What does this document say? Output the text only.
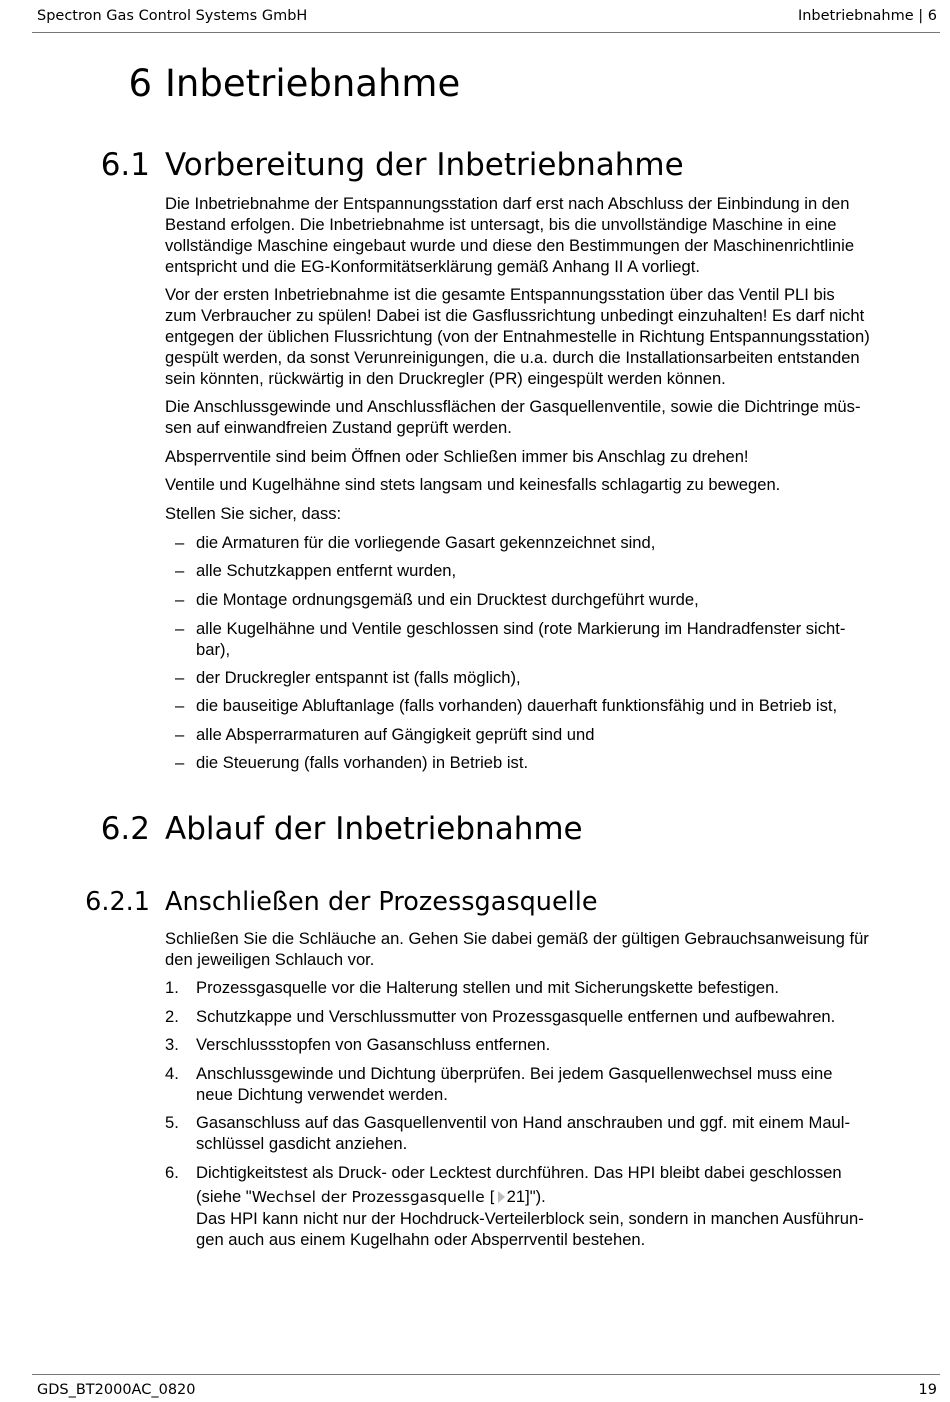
Spectron Gas Control Systems GmbH	Inbetriebnahme | 6
6 Inbetriebnahme
6.1 Vorbereitung der Inbetriebnahme

Die Inbetriebnahme der Entspannungsstation darf erst nach Abschluss der Einbindung in den
Bestand erfolgen. Die Inbetriebnahme ist untersagt, bis die unvollständige Maschine in eine
vollständige Maschine eingebaut wurde und diese den Bestimmungen der Maschinenrichtlinie
entspricht und die EG-Konformitätserklärung gemäß Anhang II A vorliegt.

Vor der ersten Inbetriebnahme ist die gesamte Entspannungsstation über das Ventil PLI bis
zum Verbraucher zu spülen! Dabei ist die Gasflussrichtung unbedingt einzuhalten! Es darf nicht
entgegen der üblichen Flussrichtung (von der Entnahmestelle in Richtung Entspannungsstation)
gespült werden, da sonst Verunreinigungen, die u.a. durch die Installationsarbeiten entstanden
sein könnten, rückwärtig in den Druckregler (PR) eingespült werden können.

Die Anschlussgewinde und Anschlussflächen der Gasquellenventile, sowie die Dichtringe müs-
sen auf einwandfreien Zustand geprüft werden.

Absperrventile sind beim Öffnen oder Schließen immer bis Anschlag zu drehen!

Ventile und Kugelhähne sind stets langsam und keinesfalls schlagartig zu bewegen.

Stellen Sie sicher, dass:

– die Armaturen für die vorliegende Gasart gekennzeichnet sind,
– alle Schutzkappen entfernt wurden,
– die Montage ordnungsgemäß und ein Drucktest durchgeführt wurde,
– alle Kugelhähne und Ventile geschlossen sind (rote Markierung im Handradfenster sicht-
bar),
– der Druckregler entspannt ist (falls möglich),
– die bauseitige Abluftanlage (falls vorhanden) dauerhaft funktionsfähig und in Betrieb ist,
– alle Absperrarmaturen auf Gängigkeit geprüft sind und
– die Steuerung (falls vorhanden) in Betrieb ist.
6.2 Ablauf der Inbetriebnahme
6.2.1 Anschließen der Prozessgasquelle

Schließen Sie die Schläuche an. Gehen Sie dabei gemäß der gültigen Gebrauchsanweisung für
den jeweiligen Schlauch vor.

1. Prozessgasquelle vor die Halterung stellen und mit Sicherungskette befestigen.
2. Schutzkappe und Verschlussmutter von Prozessgasquelle entfernen und aufbewahren.
3. Verschlussstopfen von Gasanschluss entfernen.
4. Anschlussgewinde und Dichtung überprüfen. Bei jedem Gasquellenwechsel muss eine
neue Dichtung verwendet werden.
5. Gasanschluss auf das Gasquellenventil von Hand anschrauben und ggf. mit einem Maul-
schlüssel gasdicht anziehen.
6. Dichtigkeitstest als Druck- oder Lecktest durchführen. Das HPI bleibt dabei geschlossen
(siehe "Wechsel der Prozessgasquelle [ 21]").
Das HPI kann nicht nur der Hochdruck-Verteilerblock sein, sondern in manchen Ausführun-
gen auch aus einem Kugelhahn oder Absperrventil bestehen.
GDS_BT2000AC_0820	19
